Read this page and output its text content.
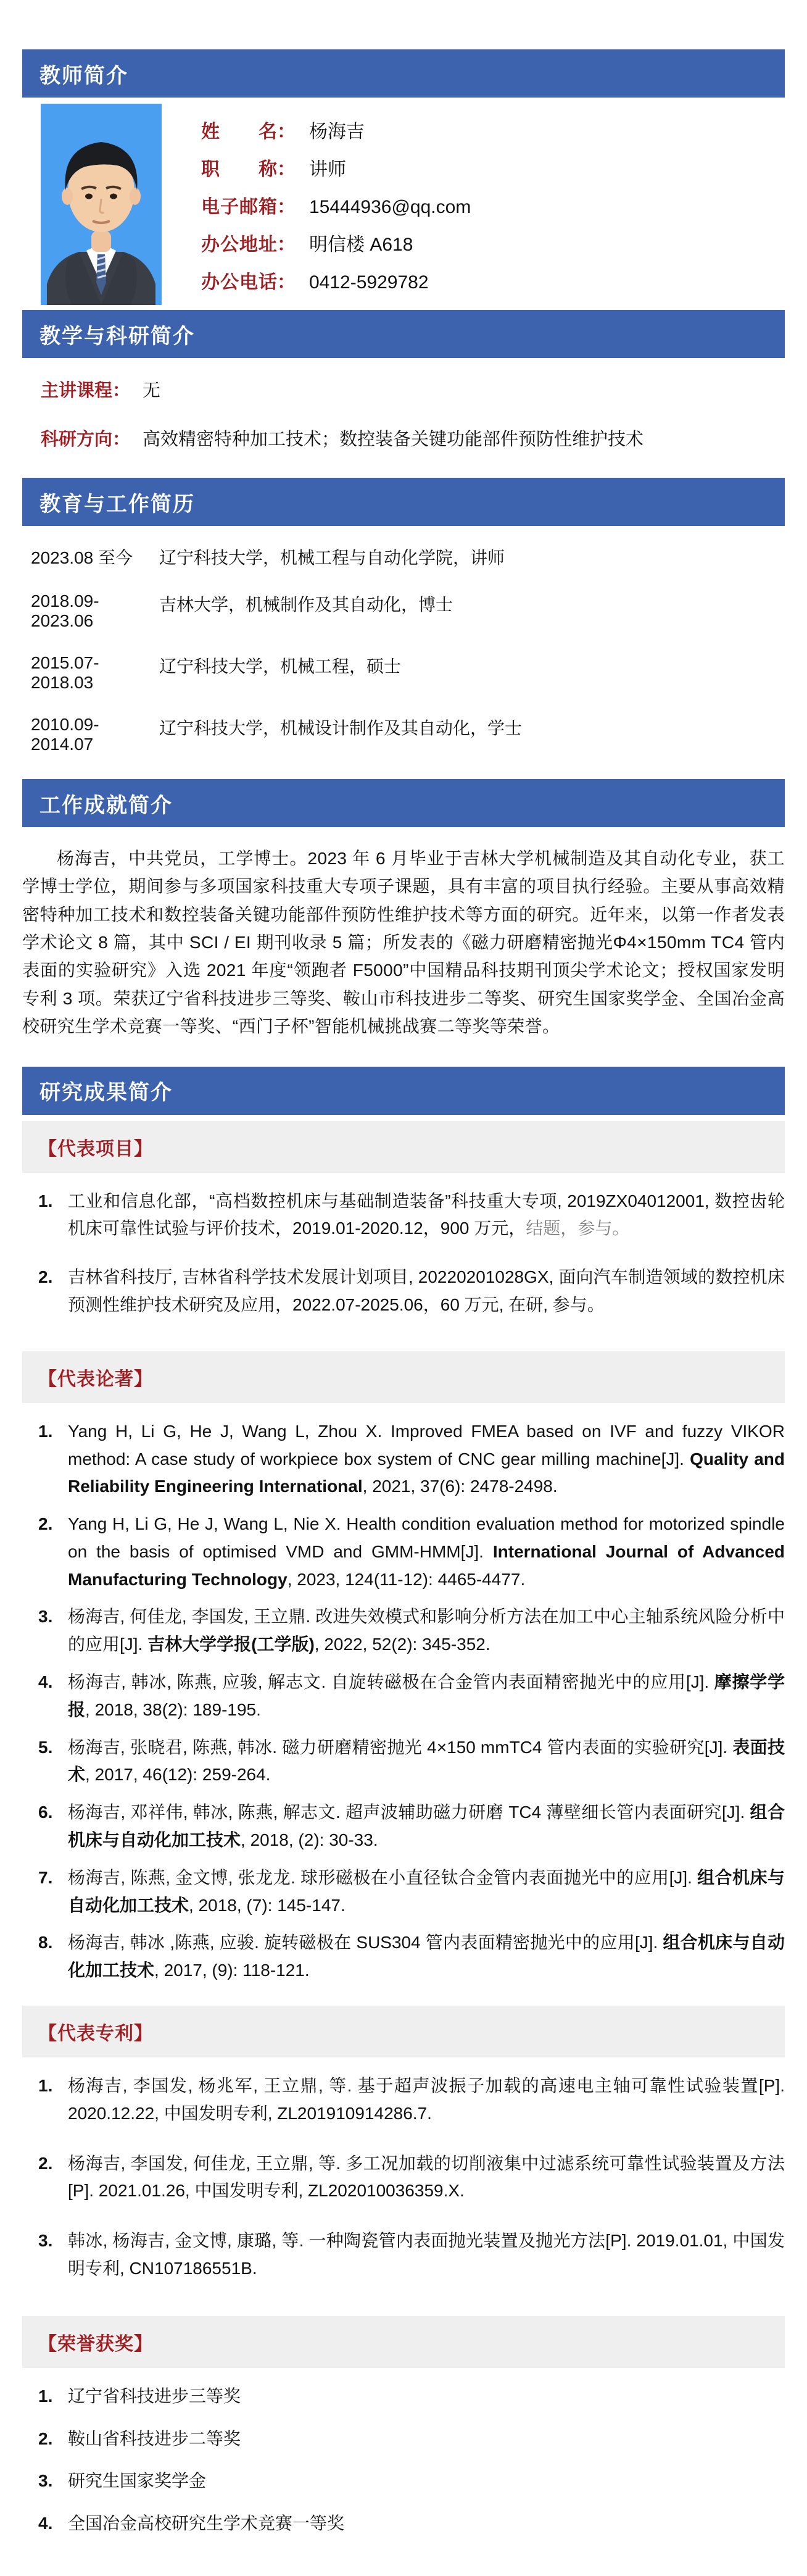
教师简介
姓名： 杨海吉
职称： 讲师
电子邮箱： 15444936@qq.com
办公地址： 明信楼 A618
办公电话： 0412-5929782
教学与科研简介
主讲课程： 无
科研方向： 高效精密特种加工技术；数控装备关键功能部件预防性维护技术
教育与工作简历
2023.08 至今	辽宁科技大学，机械工程与自动化学院，讲师
2018.09-2023.06
吉林大学，机械制作及其自动化，博士
2015.07-2018.03
辽宁科技大学，机械工程，硕士
2010.09-2014.07
辽宁科技大学，机械设计制作及其自动化，学士
工作成就简介

杨海吉，中共党员，工学博士。2023 年 6 月毕业于吉林大学机械制造及其自动化专业，获工学博士学位，期间参与多项国家科技重大专项子课题，具有丰富的项目执行经验。主要从事高效精密特种加工技术和数控装备关键功能部件预防性维护技术等方面的研究。近年来，以第一作者发表学术论文 8 篇，其中 SCI / EI 期刊收录 5 篇；所发表的《磁力研磨精密抛光Φ4×150mm TC4 管内表面的实验研究》入选 2021 年度“领跑者 F5000”中国精品科技期刊顶尖学术论文；授权国家发明专利 3 项。荣获辽宁省科技进步三等奖、鞍山市科技进步二等奖、研究生国家奖学金、全国冶金高校研究生学术竞赛一等奖、“西门子杯”智能机械挑战赛二等奖等荣誉。

研究成果简介
【代表项目】
1. 工业和信息化部，“高档数控机床与基础制造装备”科技重大专项, 2019ZX04012001, 数控齿轮机床可靠性试验与评价技术，2019.01-2020.12，900 万元，结题，参与。
2. 吉林省科技厅, 吉林省科学技术发展计划项目, 20220201028GX, 面向汽车制造领域的数控机床预测性维护技术研究及应用，2022.07-2025.06，60 万元, 在研, 参与。
【代表论著】
1. Yang H, Li G, He J, Wang L, Zhou X. Improved FMEA based on IVF and fuzzy VIKOR method: A case study of workpiece box system of CNC gear milling machine[J]. Quality and Reliability Engineering International, 2021, 37(6): 2478-2498.
2. Yang H, Li G, He J, Wang L, Nie X. Health condition evaluation method for motorized spindle on the basis of optimised VMD and GMM-HMM[J]. International Journal of Advanced Manufacturing Technology, 2023, 124(11-12): 4465-4477.
3. 杨海吉, 何佳龙, 李国发, 王立鼎. 改进失效模式和影响分析方法在加工中心主轴系统风险分析中的应用[J]. 吉林大学学报(工学版), 2022, 52(2): 345-352.
4. 杨海吉, 韩冰, 陈燕, 应骏, 解志文. 自旋转磁极在合金管内表面精密抛光中的应用[J]. 摩擦学学报, 2018, 38(2): 189-195.
5. 杨海吉, 张晓君, 陈燕, 韩冰. 磁力研磨精密抛光 4×150 mmTC4 管内表面的实验研究[J]. 表面技术, 2017, 46(12): 259-264.
6. 杨海吉, 邓祥伟, 韩冰, 陈燕, 解志文. 超声波辅助磁力研磨 TC4 薄壁细长管内表面研究[J]. 组合机床与自动化加工技术, 2018, (2): 30-33.
7. 杨海吉, 陈燕, 金文博, 张龙龙. 球形磁极在小直径钛合金管内表面抛光中的应用[J]. 组合机床与自动化加工技术, 2018, (7): 145-147.
8. 杨海吉, 韩冰 ,陈燕, 应骏. 旋转磁极在 SUS304 管内表面精密抛光中的应用[J]. 组合机床与自动化加工技术, 2017, (9): 118-121.
【代表专利】
1. 杨海吉, 李国发, 杨兆军, 王立鼎, 等. 基于超声波振子加载的高速电主轴可靠性试验装置[P]. 2020.12.22, 中国发明专利, ZL201910914286.7.
2. 杨海吉, 李国发, 何佳龙, 王立鼎, 等. 多工况加载的切削液集中过滤系统可靠性试验装置及方法[P]. 2021.01.26, 中国发明专利, ZL202010036359.X.
3. 韩冰, 杨海吉, 金文博, 康璐, 等. 一种陶瓷管内表面抛光装置及抛光方法[P]. 2019.01.01, 中国发明专利, CN107186551B.
【荣誉获奖】
1. 辽宁省科技进步三等奖
2. 鞍山省科技进步二等奖
3. 研究生国家奖学金
4. 全国冶金高校研究生学术竞赛一等奖
